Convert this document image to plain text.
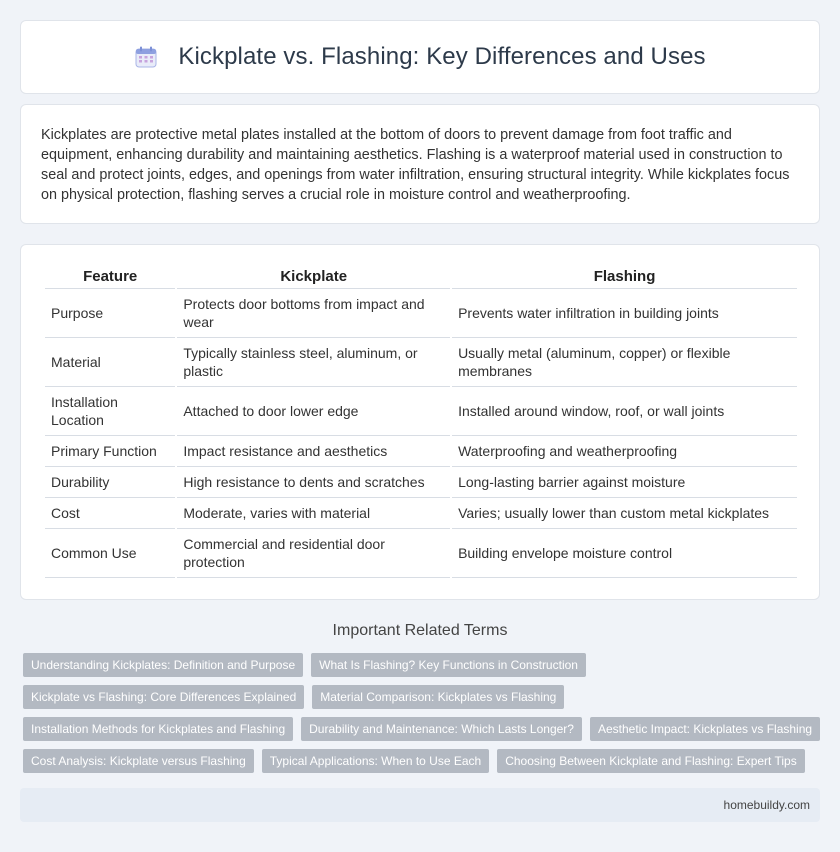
Kickplate vs. Flashing: Key Differences and Uses

Kickplates are protective metal plates installed at the bottom of doors to prevent damage from foot traffic and equipment, enhancing durability and maintaining aesthetics. Flashing is a waterproof material used in construction to seal and protect joints, edges, and openings from water infiltration, ensuring structural integrity. While kickplates focus on physical protection, flashing serves a crucial role in moisture control and weatherproofing.

Feature	Kickplate	Flashing
Purpose	Protects door bottoms from impact and wear	Prevents water infiltration in building joints
Material	Typically stainless steel, aluminum, or plastic	Usually metal (aluminum, copper) or flexible membranes
Installation Location	Attached to door lower edge	Installed around window, roof, or wall joints
Primary Function	Impact resistance and aesthetics	Waterproofing and weatherproofing
Durability	High resistance to dents and scratches	Long-lasting barrier against moisture
Cost	Moderate, varies with material	Varies; usually lower than custom metal kickplates
Common Use	Commercial and residential door protection	Building envelope moisture control
Important Related Terms
Understanding Kickplates: Definition and Purpose	What Is Flashing? Key Functions in Construction
Kickplate vs Flashing: Core Differences Explained	Material Comparison: Kickplates vs Flashing
Installation Methods for Kickplates and Flashing	Durability and Maintenance: Which Lasts Longer?	Aesthetic Impact: Kickplates vs Flashing
Cost Analysis: Kickplate versus Flashing	Typical Applications: When to Use Each	Choosing Between Kickplate and Flashing: Expert Tips
homebuildy.com
